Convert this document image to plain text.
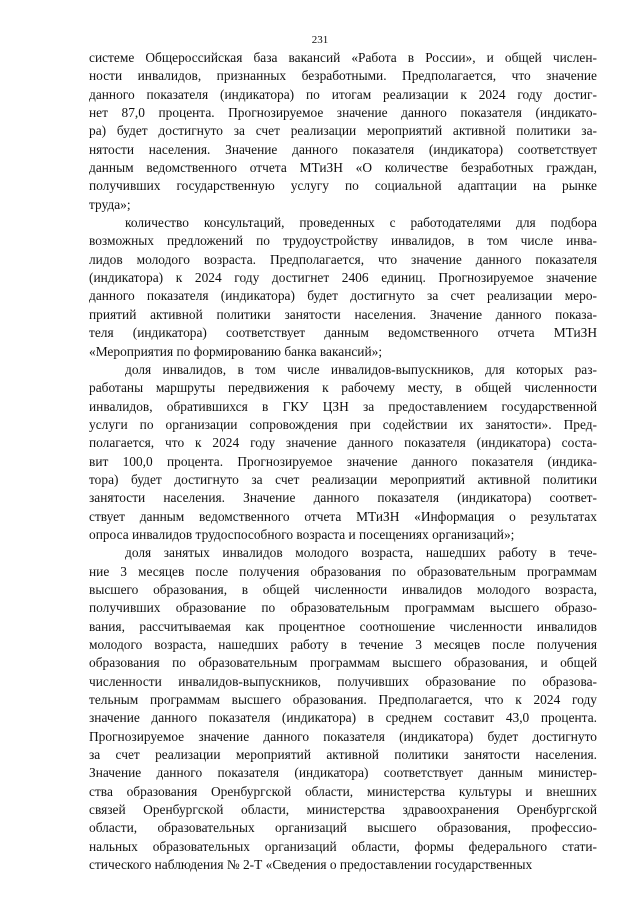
231
системе Общероссийская база вакансий «Работа в России», и общей числен-
ности инвалидов, признанных безработными. Предполагается, что значение
данного показателя (индикатора) по итогам реализации к 2024 году достиг-
нет 87,0 процента. Прогнозируемое значение данного показателя (индикато-
ра) будет достигнуто за счет реализации мероприятий активной политики за-
нятости населения. Значение данного показателя (индикатора) соответствует
данным ведомственного отчета МТиЗН «О количестве безработных граждан,
получивших государственную услугу по социальной адаптации на рынке
труда»;
количество консультаций, проведенных с работодателями для подбора
возможных предложений по трудоустройству инвалидов, в том числе инва-
лидов молодого возраста. Предполагается, что значение данного показателя
(индикатора) к 2024 году достигнет 2406 единиц. Прогнозируемое значение
данного показателя (индикатора) будет достигнуто за счет реализации меро-
приятий активной политики занятости населения. Значение данного показа-
теля (индикатора) соответствует данным ведомственного отчета МТиЗН
«Мероприятия по формированию банка вакансий»;
доля инвалидов, в том числе инвалидов-выпускников, для которых раз-
работаны маршруты передвижения к рабочему месту, в общей численности
инвалидов, обратившихся в ГКУ ЦЗН за предоставлением государственной
услуги по организации сопровождения при содействии их занятости». Пред-
полагается, что к 2024 году значение данного показателя (индикатора) соста-
вит 100,0 процента. Прогнозируемое значение данного показателя (индика-
тора) будет достигнуто за счет реализации мероприятий активной политики
занятости населения. Значение данного показателя (индикатора) соответ-
ствует данным ведомственного отчета МТиЗН «Информация о результатах
опроса инвалидов трудоспособного возраста и посещениях организаций»;
доля занятых инвалидов молодого возраста, нашедших работу в тече-
ние 3 месяцев после получения образования по образовательным программам
высшего образования, в общей численности инвалидов молодого возраста,
получивших образование по образовательным программам высшего образо-
вания, рассчитываемая как процентное соотношение численности инвалидов
молодого возраста, нашедших работу в течение 3 месяцев после получения
образования по образовательным программам высшего образования, и общей
численности инвалидов-выпускников, получивших образование по образова-
тельным программам высшего образования. Предполагается, что к 2024 году
значение данного показателя (индикатора) в среднем составит 43,0 процента.
Прогнозируемое значение данного показателя (индикатора) будет достигнуто
за счет реализации мероприятий активной политики занятости населения.
Значение данного показателя (индикатора) соответствует данным министер-
ства образования Оренбургской области, министерства культуры и внешних
связей Оренбургской области, министерства здравоохранения Оренбургской
области, образовательных организаций высшего образования, профессио-
нальных образовательных организаций области, формы федерального стати-
стического наблюдения № 2-Т «Сведения о предоставлении государственных
